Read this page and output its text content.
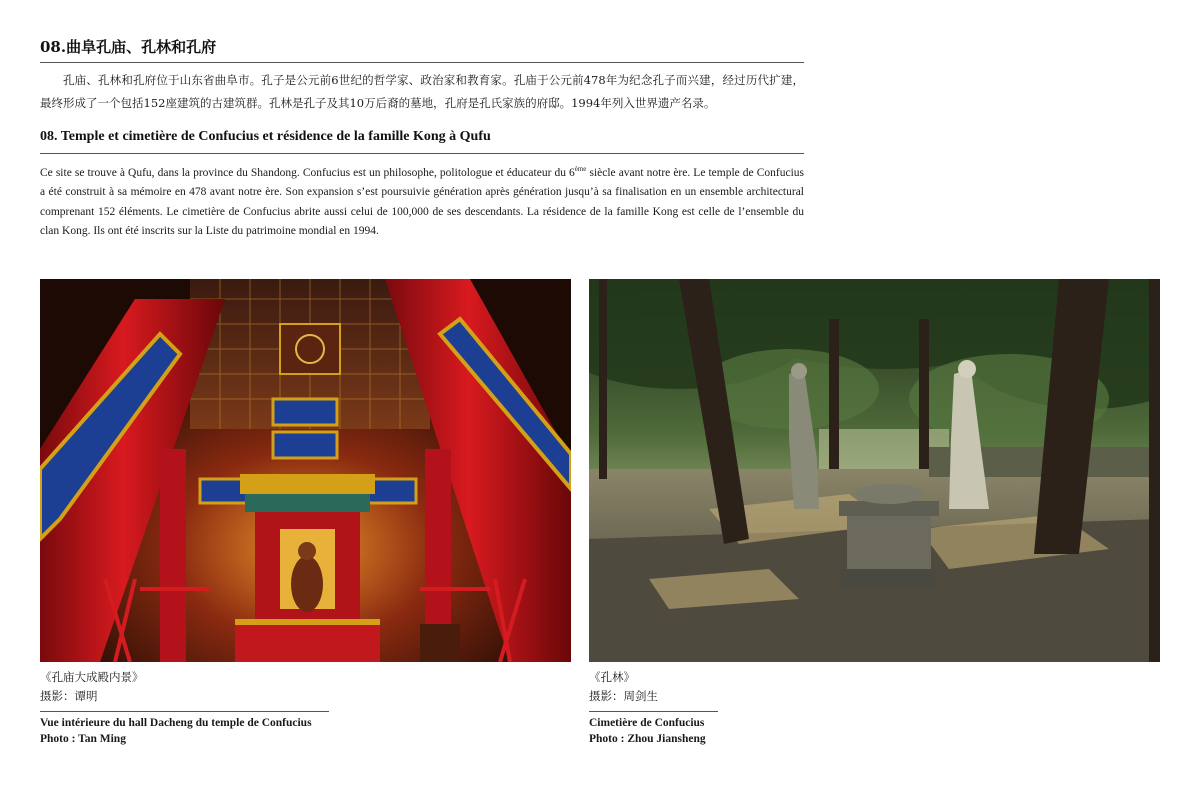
08.曲阜孔庙、孔林和孔府
孔庙、孔林和孔府位于山东省曲阜市。孔子是公元前6世纪的哲学家、政治家和教育家。孔庙于公元前478年为纪念孔子而兴建，经过历代扩建，最终形成了一个包括152座建筑的古建筑群。孔林是孔子及其10万后裔的墓地，孔府是孔氏家族的府邸。1994年列入世界遗产名录。
08. Temple et cimetière de Confucius et résidence de la famille Kong à Qufu
Ce site se trouve à Qufu, dans la province du Shandong. Confucius est un philosophe, politologue et éducateur du 6ème siècle avant notre ère. Le temple de Confucius a été construit à sa mémoire en 478 avant notre ère. Son expansion s’est poursuivie génération après génération jusqu’à sa finalisation en un ensemble architectural comprenant 152 éléments. Le cimetière de Confucius abrite aussi celui de 100,000 de ses descendants. La résidence de la famille Kong est celle de l’ensemble du clan Kong. Ils ont été inscrits sur la Liste du patrimoine mondial en 1994.
《孔庙大成殿内景》
摄影：谭明
Vue intérieure du hall Dacheng du temple de Confucius
Photo : Tan Ming
《孔林》
摄影：周剑生
Cimetière de Confucius
Photo : Zhou Jiansheng
